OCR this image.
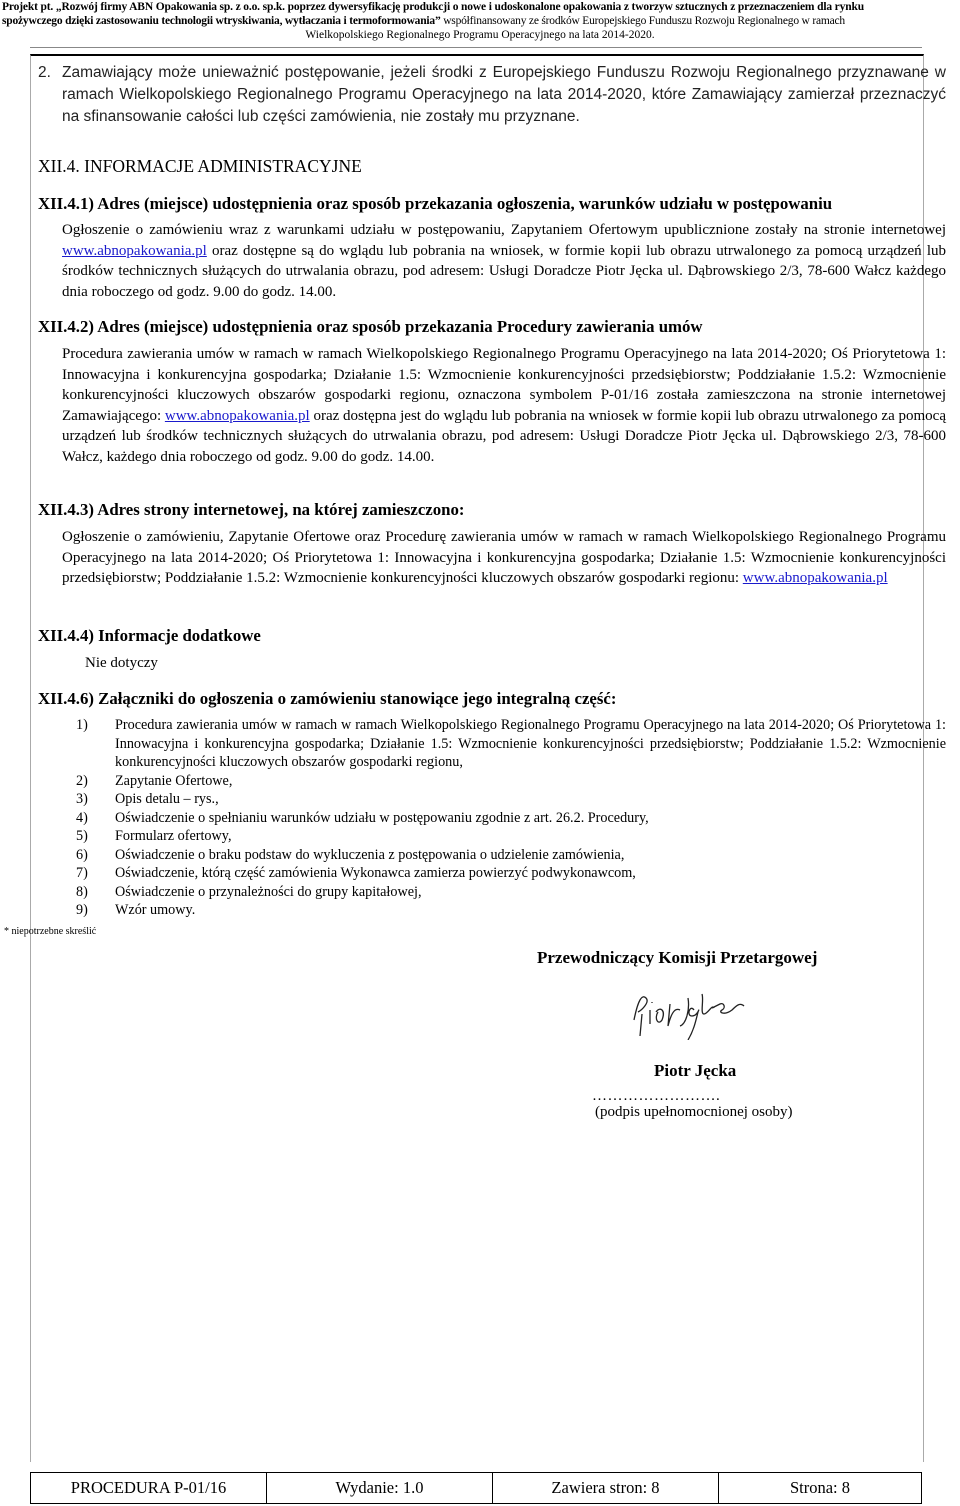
Projekt pt. „Rozwój firmy ABN Opakowania sp. z o.o. sp.k. poprzez dywersyfikację produkcji o nowe i udoskonalone opakowania z tworzyw sztucznych z przeznaczeniem dla rynku
spożywczego dzięki zastosowaniu technologii wtryskiwania, wytłaczania i termoformowania” współfinansowany ze środków Europejskiego Funduszu Rozwoju Regionalnego w ramach
Wielkopolskiego Regionalnego Programu Operacyjnego na lata 2014-2020.
2. Zamawiający może unieważnić postępowanie, jeżeli środki z Europejskiego Funduszu Rozwoju Regionalnego przyznawane w ramach Wielkopolskiego Regionalnego Programu Operacyjnego na lata 2014-2020, które Zamawiający zamierzał przeznaczyć na sfinansowanie całości lub części zamówienia, nie zostały mu przyznane.
XII.4. INFORMACJE ADMINISTRACYJNE
XII.4.1) Adres (miejsce) udostępnienia oraz sposób przekazania ogłoszenia, warunków udziału w postępowaniu
Ogłoszenie o zamówieniu wraz z warunkami udziału w postępowaniu, Zapytaniem Ofertowym upublicznione zostały na stronie internetowej www.abnopakowania.pl oraz dostępne są do wglądu lub pobrania na wniosek, w formie kopii lub obrazu utrwalonego za pomocą urządzeń lub środków technicznych służących do utrwalania obrazu, pod adresem: Usługi Doradcze Piotr Jęcka ul. Dąbrowskiego 2/3, 78-600 Wałcz każdego dnia roboczego od godz. 9.00 do godz. 14.00.
XII.4.2) Adres (miejsce) udostępnienia oraz sposób przekazania Procedury zawierania umów
Procedura zawierania umów w ramach w ramach Wielkopolskiego Regionalnego Programu Operacyjnego na lata 2014-2020; Oś Priorytetowa 1: Innowacyjna i konkurencyjna gospodarka; Działanie 1.5: Wzmocnienie konkurencyjności przedsiębiorstw; Poddziałanie 1.5.2: Wzmocnienie konkurencyjności kluczowych obszarów gospodarki regionu, oznaczona symbolem P-01/16 została zamieszczona na stronie internetowej Zamawiającego: www.abnopakowania.pl oraz dostępna jest do wglądu lub pobrania na wniosek w formie kopii lub obrazu utrwalonego za pomocą urządzeń lub środków technicznych służących do utrwalania obrazu, pod adresem: Usługi Doradcze Piotr Jęcka ul. Dąbrowskiego 2/3, 78-600 Wałcz, każdego dnia roboczego od godz. 9.00 do godz. 14.00.
XII.4.3) Adres strony internetowej, na której zamieszczono:
Ogłoszenie o zamówieniu, Zapytanie Ofertowe oraz Procedurę zawierania umów w ramach w ramach Wielkopolskiego Regionalnego Programu Operacyjnego na lata 2014-2020; Oś Priorytetowa 1: Innowacyjna i konkurencyjna gospodarka; Działanie 1.5: Wzmocnienie konkurencyjności przedsiębiorstw; Poddziałanie 1.5.2: Wzmocnienie konkurencyjności kluczowych obszarów gospodarki regionu: www.abnopakowania.pl
XII.4.4) Informacje dodatkowe
Nie dotyczy
XII.4.6) Załączniki do ogłoszenia o zamówieniu stanowiące jego integralną część:
1) Procedura zawierania umów w ramach w ramach Wielkopolskiego Regionalnego Programu Operacyjnego na lata 2014-2020; Oś Priorytetowa 1: Innowacyjna i konkurencyjna gospodarka; Działanie 1.5: Wzmocnienie konkurencyjności przedsiębiorstw; Poddziałanie 1.5.2: Wzmocnienie konkurencyjności kluczowych obszarów gospodarki regionu,
2) Zapytanie Ofertowe,
3) Opis detalu – rys.,
4) Oświadczenie o spełnianiu warunków udziału w postępowaniu zgodnie z art. 26.2. Procedury,
5) Formularz ofertowy,
6) Oświadczenie o braku podstaw do wykluczenia z postępowania o udzielenie zamówienia,
7) Oświadczenie, którą część zamówienia Wykonawca zamierza powierzyć podwykonawcom,
8) Oświadczenie o przynależności do grupy kapitałowej,
9) Wzór umowy.
* niepotrzebne skreślić
Przewodniczący Komisji Przetargowej
Piotr Jęcka
…………………….
(podpis upełnomocnionej osoby)
PROCEDURA P-01/16	Wydanie: 1.0	Zawiera stron: 8	Strona: 8
